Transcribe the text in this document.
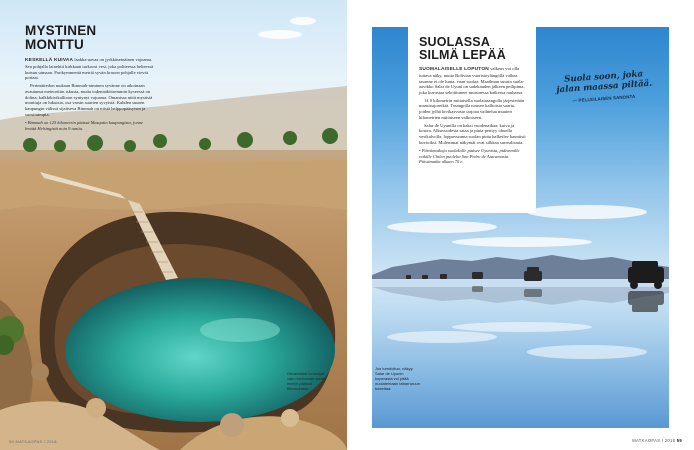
MYSTINEN MONTTU

KESKELLÄ KUIVAA laakka-aavaa on jyrkkäseinäinen vajoama. Sen pohjalla lainehtii kirkkaan turkoosi vesi, joka poltteessa helteessä kutsuu uimaan. Parikymmentä metriä syvän kraoon pohjalle vievät portaat.

Perimätiedon mukaan Bimmah-niminen syvänne on aikoinaan avautunut meteoriitin iskusta, mutta todennäköisemmin kyseessä on dolina, kalkkikivikallioon syntynyt vajoama. Omanissa niitä mystisiä monttuja on lukuisia, osa varsin suurten syvyisiä. Kahden suuren kaupungin välissä sijaitseva Bimmah on niistä helppopääsyisin ja suosituimpia.

• Bimmah on 125 kilometrin päässä Masqatin kaupungista, jonne lentää Helsingistä noin 9 tuntia.

Omanolaist lomailijat vain muutaman sadan metrin päässä Bimmahista.
50 MATKAOPAS I 2018
SUOLASSA
SILMÄ LEPÄÄ

SUOMALAISELLE LOPUTON valkeus voi olla tuttava näky, mutta Bolivian vuoristoylängöllä valkea tasanne ei ole lunta, vaan suolaa. Maailman suurin suola-aavikko Salar de Uyuni on sadekauden jälkeen peilipinta, joka kuvastaa sekoittuneet muistaessa kaikessa rauhassa.

14 0 kilometrin mittaisella suolatasangolla järjestetään maastoajoretkiä. Tasangolla nousee kallioisia saaria, joiden jylhä kivikasvusto tarjoaa vaihtelua muuten kilometrien mittaiseen valkoiseen.

Salar de Uyunilla on kaksi vuodenaikaa: kuiva ja kostea. Alkuvuodesta sataa ja pinta peittyy ohuella vesikalvolla, loppuvuonna suolan pinta halkeilee kauniisti kuvioiksi. Molemmat näkymät ovat silkkaa surrealismia.

• Päivämatkoja suolakolle pääsee Uyunista, pidemmille retkille Chilen puolelta San Pedro de Atacamasta. Päivämatka alkaen 70 e.

Suola soon, joka jalan maassa piltää.
— PELLEILAISEN SANONTA
MATKAOPAS I 2018 59
Jos tumdoituu, näkyy. Salar de Uyunin kuperasta voi pitää nuolatehtaan tabarruruun tuteeltaa.
